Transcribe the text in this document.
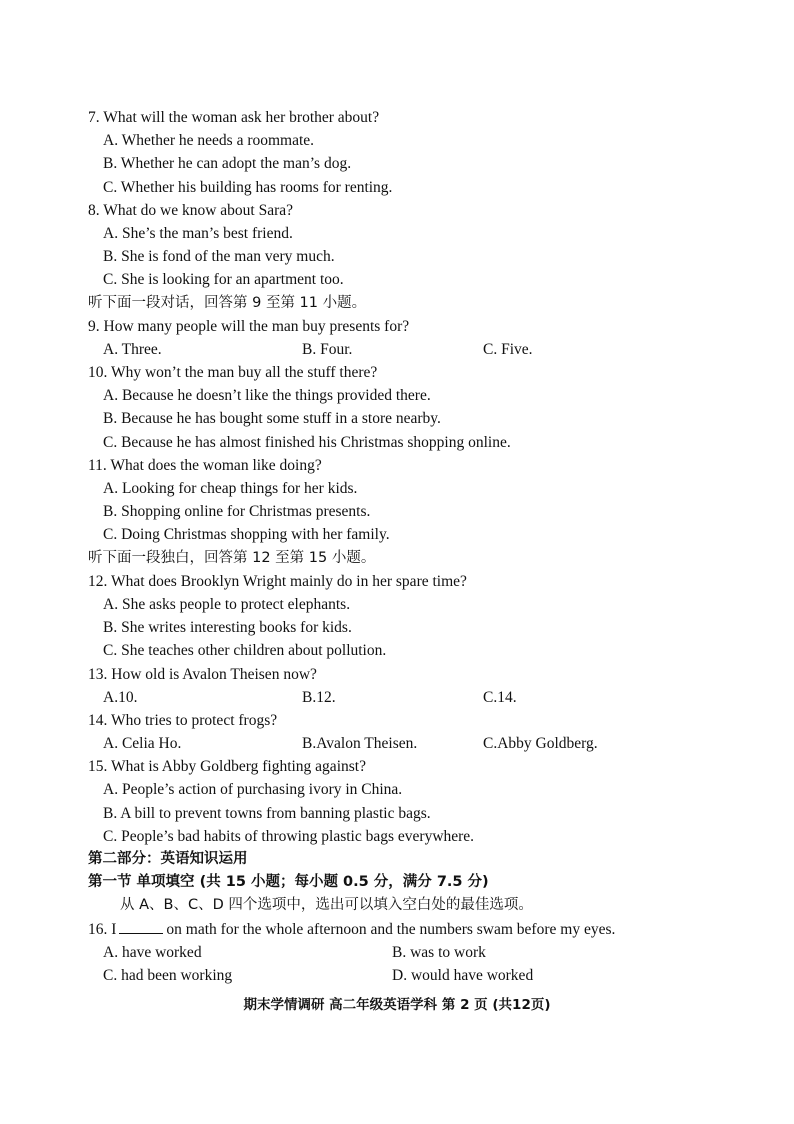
7. What will the woman ask her brother about?
A. Whether he needs a roommate.
B. Whether he can adopt the man’s dog.
C. Whether his building has rooms for renting.
8. What do we know about Sara?
A. She’s the man’s best friend.
B. She is fond of the man very much.
C. She is looking for an apartment too.
听下面一段对话，回答第 9 至第 11 小题。
9. How many people will the man buy presents for?
A. Three.	B. Four.	C. Five.
10. Why won’t the man buy all the stuff there?
A. Because he doesn’t like the things provided there.
B. Because he has bought some stuff in a store nearby.
C. Because he has almost finished his Christmas shopping online.
11. What does the woman like doing?
A. Looking for cheap things for her kids.
B. Shopping online for Christmas presents.
C. Doing Christmas shopping with her family.
听下面一段独白，回答第 12 至第 15 小题。
12. What does Brooklyn Wright mainly do in her spare time?
A. She asks people to protect elephants.
B. She writes interesting books for kids.
C. She teaches other children about pollution.
13. How old is Avalon Theisen now?
A.10.	B.12.	C.14.
14. Who tries to protect frogs?
A. Celia Ho.	B.Avalon Theisen.	C.Abby Goldberg.
15. What is Abby Goldberg fighting against?
A. People’s action of purchasing ivory in China.
B. A bill to prevent towns from banning plastic bags.
C. People’s bad habits of throwing plastic bags everywhere.
第二部分：英语知识运用
第一节 单项填空 (共 15 小题；每小题 0.5 分，满分 7.5 分)
从 A、B、C、D 四个选项中，选出可以填入空白处的最佳选项。
16. I	on math for the whole afternoon and the numbers swam before my eyes.
A. have worked	B. was to work
C. had been working	D. would have worked
期末学情调研 高二年级英语学科 第 2 页 (共12页)
